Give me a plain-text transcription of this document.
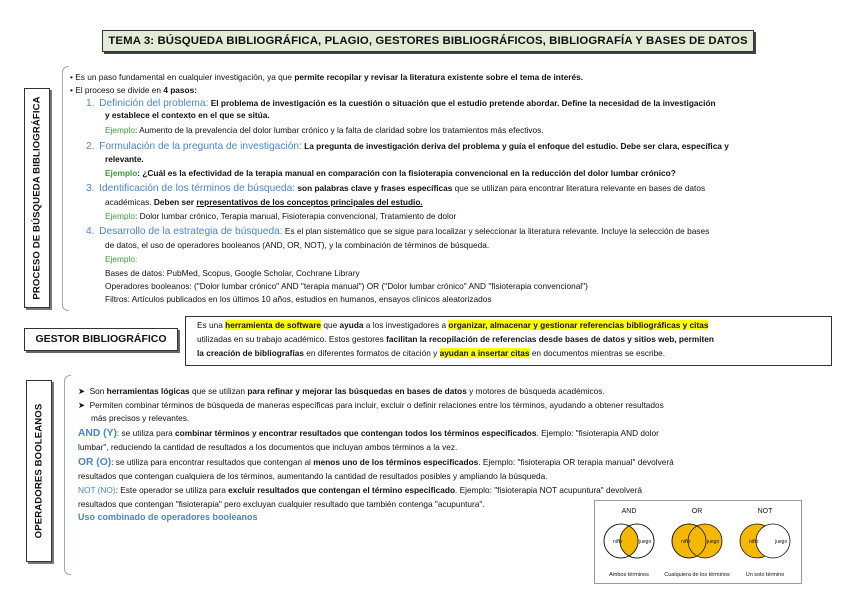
TEMA 3: BÚSQUEDA BIBLIOGRÁFICA, PLAGIO, GESTORES BIBLIOGRÁFICOS, BIBLIOGRAFÍA Y BASES DE DATOS
PROCESO DE BÚSQUEDA BIBLIOGRÁFICA
• Es un paso fundamental en cualquier investigación, ya que permite recopilar y revisar la literatura existente sobre el tema de interés.
• El proceso se divide en 4 pasos:
1. Definición del problema: El problema de investigación es la cuestión o situación que el estudio pretende abordar. Define la necesidad de la investigación
y establece el contexto en el que se sitúa.
Ejemplo: Aumento de la prevalencia del dolor lumbar crónico y la falta de claridad sobre los tratamientos más efectivos.
2. Formulación de la pregunta de investigación: La pregunta de investigación deriva del problema y guía el enfoque del estudio. Debe ser clara, específica y
relevante.
Ejemplo: ¿Cuál es la efectividad de la terapia manual en comparación con la fisioterapia convencional en la reducción del dolor lumbar crónico?
3. Identificación de los términos de búsqueda: son palabras clave y frases específicas que se utilizan para encontrar literatura relevante en bases de datos
académicas. Deben ser representativos de los conceptos principales del estudio.
Ejemplo: Dolor lumbar crónico, Terapia manual, Fisioterapia convencional, Tratamiento de dolor
4. Desarrollo de la estrategia de búsqueda: Es el plan sistemático que se sigue para localizar y seleccionar la literatura relevante. Incluye la selección de bases
de datos, el uso de operadores booleanos (AND, OR, NOT), y la combinación de términos de búsqueda.
Ejemplo:
Bases de datos: PubMed, Scopus, Google Scholar, Cochrane Library
Operadores booleanos: ("Dolor lumbar crónico" AND "terapia manual") OR ("Dolor lumbar crónico" AND "fisioterapia convencional")
Filtros: Artículos publicados en los últimos 10 años, estudios en humanos, ensayos clínicos aleatorizados
GESTOR BIBLIOGRÁFICO
Es una herramienta de software que ayuda a los investigadores a organizar, almacenar y gestionar referencias bibliográficas y citas
utilizadas en su trabajo académico. Estos gestores facilitan la recopilación de referencias desde bases de datos y sitios web, permiten
la creación de bibliografías en diferentes formatos de citación y ayudan a insertar citas en documentos mientras se escribe.
OPERADORES BOOLEANOS
➤  Son herramientas lógicas que se utilizan para refinar y mejorar las búsquedas en bases de datos y motores de búsqueda académicos.
➤  Permiten combinar términos de búsqueda de maneras específicas para incluir, excluir o definir relaciones entre los términos, ayudando a obtener resultados
más precisos y relevantes.
AND (Y): se utiliza para combinar términos y encontrar resultados que contengan todos los términos especificados. Ejemplo: "fisioterapia AND dolor
lumbar", reduciendo la cantidad de resultados a los documentos que incluyan ambos términos a la vez.
OR (O): se utiliza para encontrar resultados que contengan al menos uno de los términos especificados. Ejemplo: "fisioterapia OR terapia manual" devolverá
resultados que contengan cualquiera de los términos, aumentando la cantidad de resultados posibles y ampliando la búsqueda.
NOT (NO): Este operador se utiliza para excluir resultados que contengan el término especificado. Ejemplo: "fisioterapia NOT acupuntura" devolverá
resultados que contengan "fisioterapia" pero excluyan cualquier resultado que también contenga "acupuntura".
Uso combinado de operadores booleanos
AND
niño	juego
Ambos términos
OR
niño	juego
Cualquiera de los términos
NOT
niño	juego
Un solo término
